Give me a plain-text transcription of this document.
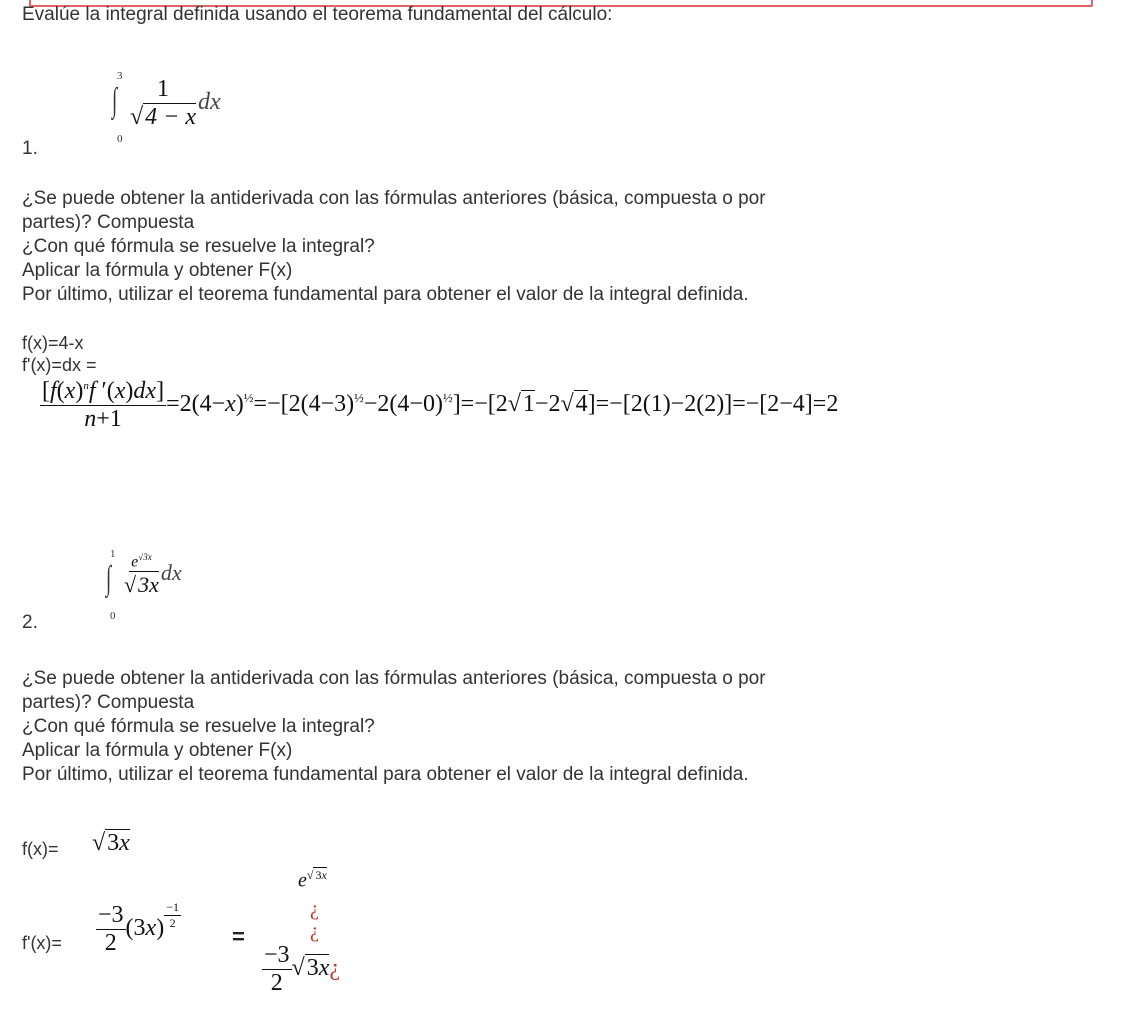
Evalúe la integral definida usando el teorema fundamental del cálculo:
1.
3
∫
0
$\frac{1}{√4 - x}$ dx
¿Se puede obtener la antiderivada con las fórmulas anteriores (básica, compuesta o por
partes)? Compuesta
¿Con qué fórmula se resuelve la integral?
Aplicar la fórmula y obtener F(x)
Por último, utilizar el teorema fundamental para obtener el valor de la integral definida.
f(x)=4-x
f'(x)=dx =
$\frac{[f(x)^nf '(x)dx]}{n+1} =2(4-x)^{\frac{1}{2}}=-[2(4-3)^{\frac{1}{2}}-2(4-0)^{\frac{1}{2}}]=-[2√1-2√4]=-[2(1)-2(2)]=-[2-4]=2$
2.
1
∫
0
$\frac{e^{√3x}}{√3x}$ dx
¿Se puede obtener la antiderivada con las fórmulas anteriores (básica, compuesta o por
partes)? Compuesta
¿Con qué fórmula se resuelve la integral?
Aplicar la fórmula y obtener F(x)
Por último, utilizar el teorema fundamental para obtener el valor de la integral definida.
f(x)= √3x
$f'(x)= \frac{-3}{2} (3x)$ $^{\frac{-1}{2}}$
=
$e^{√ 3x}$
¿
¿
$\frac{-3}{2}$ √3x¿
